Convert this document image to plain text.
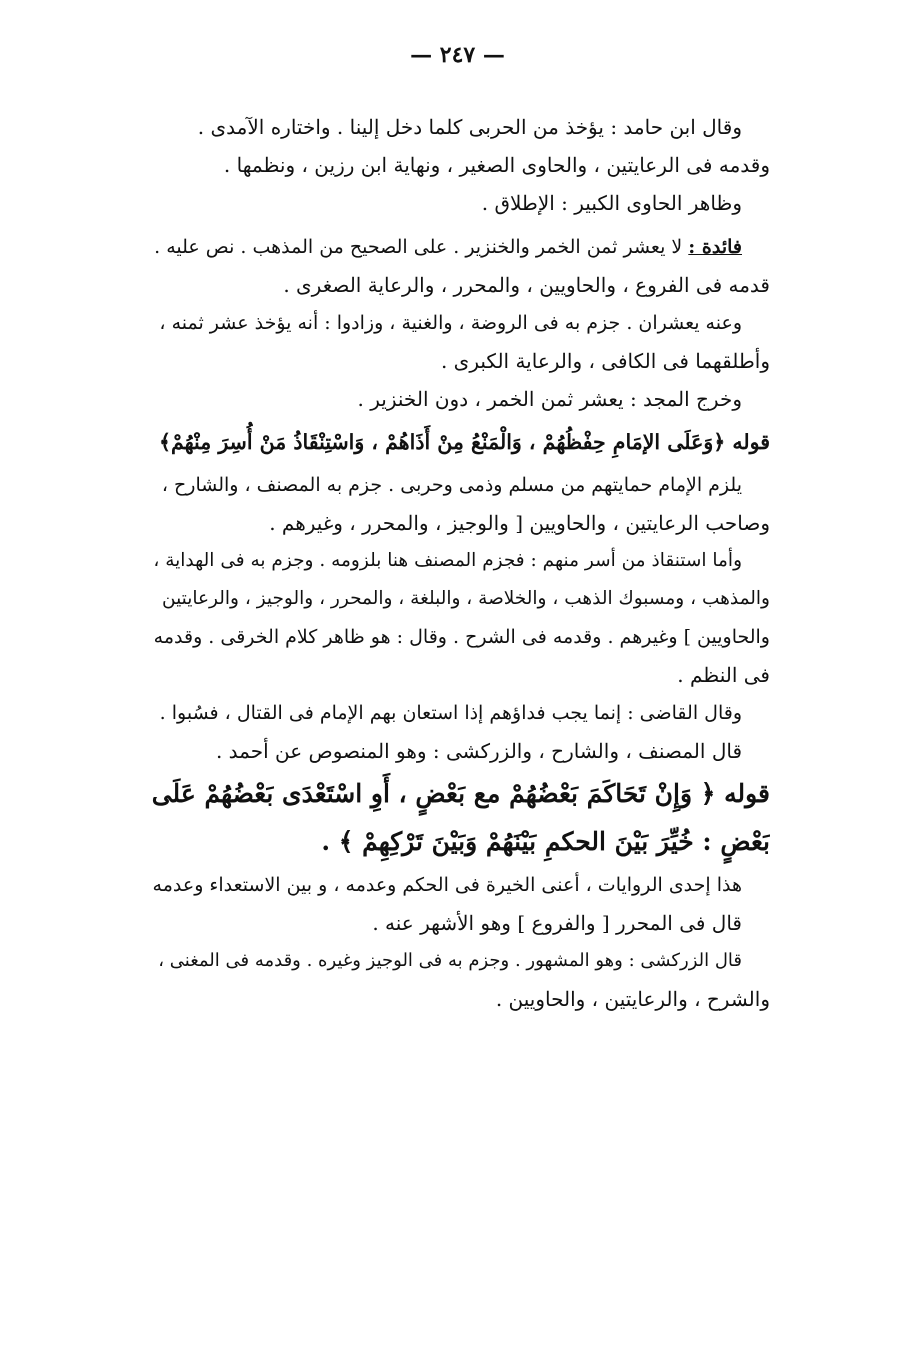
— ٢٤٧ —
وقال ابن حامد : يؤخذ من الحربى كلما دخل إلينا . واختاره الآمدى .
وقدمه فى الرعايتين ، والحاوى الصغير ، ونهاية ابن رزين ، ونظمها .
وظاهر الحاوى الكبير : الإطلاق .
فائدة : لا يعشر ثمن الخمر والخنزير . على الصحيح من المذهب . نص عليه .
قدمه فى الفروع ، والحاويين ، والمحرر ، والرعاية الصغرى .
وعنه يعشران . جزم به فى الروضة ، والغنية ، وزادوا : أنه يؤخذ عشر ثمنه ،
وأطلقهما فى الكافى ، والرعاية الكبرى .
وخرج المجد : يعشر ثمن الخمر ، دون الخنزير .
قوله ﴿وَعَلَى الإمَامِ حِفْظُهُمْ ، وَالْمَنْعُ مِنْ أَذَاهُمْ ، وَاسْتِنْقَاذُ مَنْ أُسِرَ مِنْهُمْ﴾
يلزم الإمام حمايتهم من مسلم وذمى وحربى . جزم به المصنف ، والشارح ،
وصاحب الرعايتين ، والحاويين [ والوجيز ، والمحرر ، وغيرهم .
وأما استنقاذ من أسر منهم : فجزم المصنف هنا بلزومه . وجزم به فى الهداية ،
والمذهب ، ومسبوك الذهب ، والخلاصة ، والبلغة ، والمحرر ، والوجيز ، والرعايتين
والحاويين ] وغيرهم . وقدمه فى الشرح . وقال : هو ظاهر كلام الخرقى . وقدمه
فى النظم .
وقال القاضى : إنما يجب فداؤهم إذا استعان بهم الإمام فى القتال ، فسُبوا .
قال المصنف ، والشارح ، والزركشى : وهو المنصوص عن أحمد .
قوله ﴿ وَإِنْ تَحَاكَمَ بَعْضُهُمْ مع بَعْضٍ ، أَوِ اسْتَعْدَى بَعْضُهُمْ عَلَى
بَعْضٍ : خُيِّرَ بَيْنَ الحكمِ بَيْنَهُمْ وَبَيْنَ تَرْكِهِمْ ﴾ .
هذا إحدى الروايات ، أعنى الخيرة فى الحكم وعدمه ، و بين الاستعداء وعدمه
قال فى المحرر [ والفروع ] وهو الأشهر عنه .
قال الزركشى : وهو المشهور . وجزم به فى الوجيز وغيره . وقدمه فى المغنى ،
والشرح ، والرعايتين ، والحاويين .
